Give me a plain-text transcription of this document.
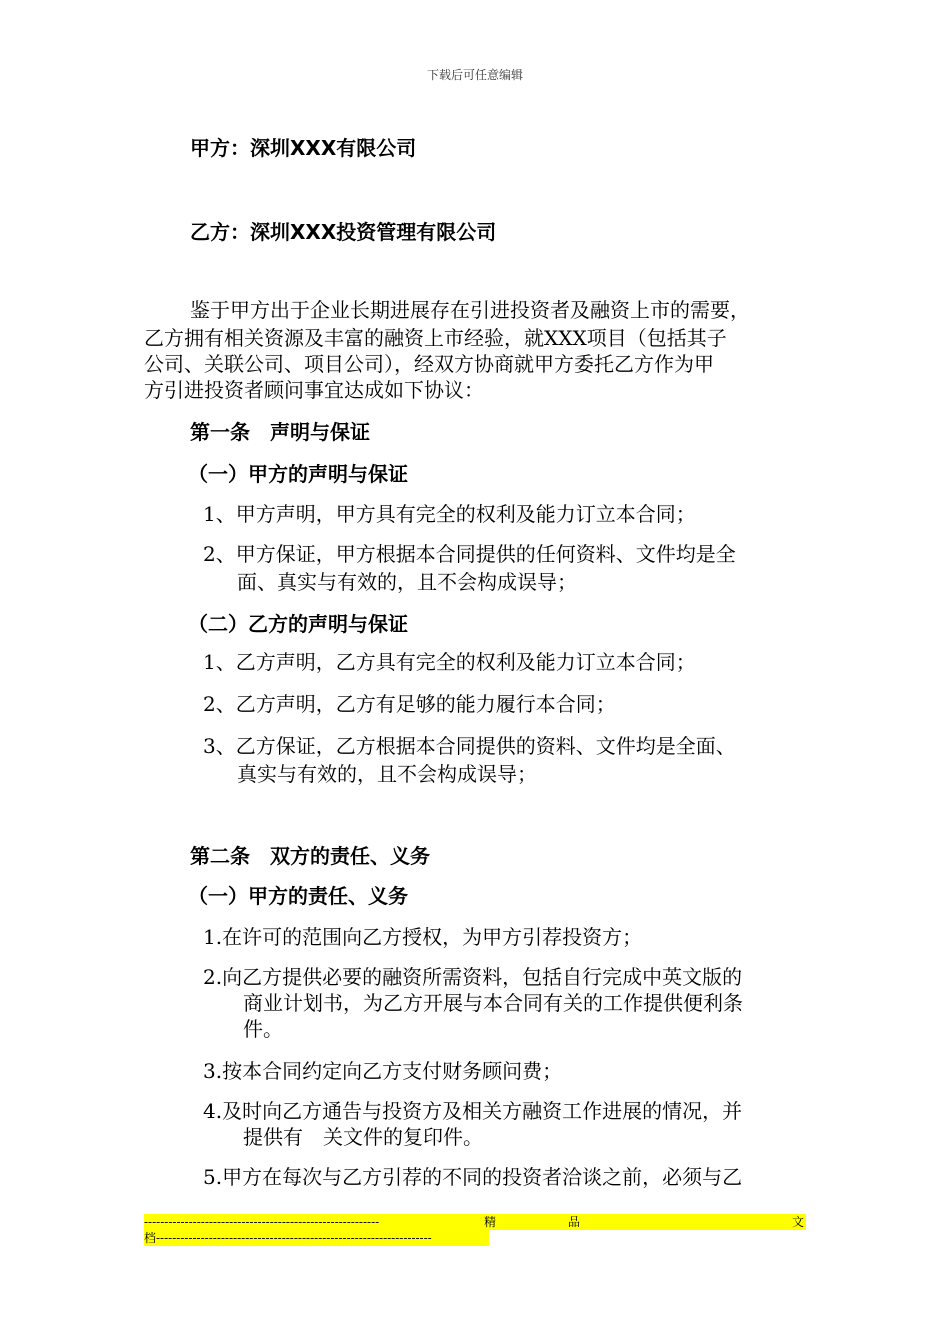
下载后可任意编辑
甲方：深圳XXX有限公司
乙方：深圳XXX投资管理有限公司
鉴于甲方出于企业长期进展存在引进投资者及融资上市的需要，
乙方拥有相关资源及丰富的融资上市经验，就XXX项目（包括其子
公司、关联公司、项目公司），经双方协商就甲方委托乙方作为甲
方引进投资者顾问事宜达成如下协议：
第一条　声明与保证
（一）甲方的声明与保证
1、甲方声明，甲方具有完全的权利及能力订立本合同；
2、甲方保证，甲方根据本合同提供的任何资料、文件均是全
面、真实与有效的，且不会构成误导；
（二）乙方的声明与保证
1、乙方声明，乙方具有完全的权利及能力订立本合同；
2、乙方声明，乙方有足够的能力履行本合同；
3、乙方保证，乙方根据本合同提供的资料、文件均是全面、
真实与有效的，且不会构成误导；
第二条　双方的责任、义务
（一）甲方的责任、义务
1.在许可的范围向乙方授权，为甲方引荐投资方；
2.向乙方提供必要的融资所需资料，包括自行完成中英文版的
商业计划书，为乙方开展与本合同有关的工作提供便利条
件。
3.按本合同约定向乙方支付财务顾问费；
4.及时向乙方通告与投资方及相关方融资工作进展的情况，并
提供有　关文件的复印件。
5.甲方在每次与乙方引荐的不同的投资者洽谈之前，必须与乙
----------------------------------------------------------	精	品	文
档--------------------------------------------------------------------
